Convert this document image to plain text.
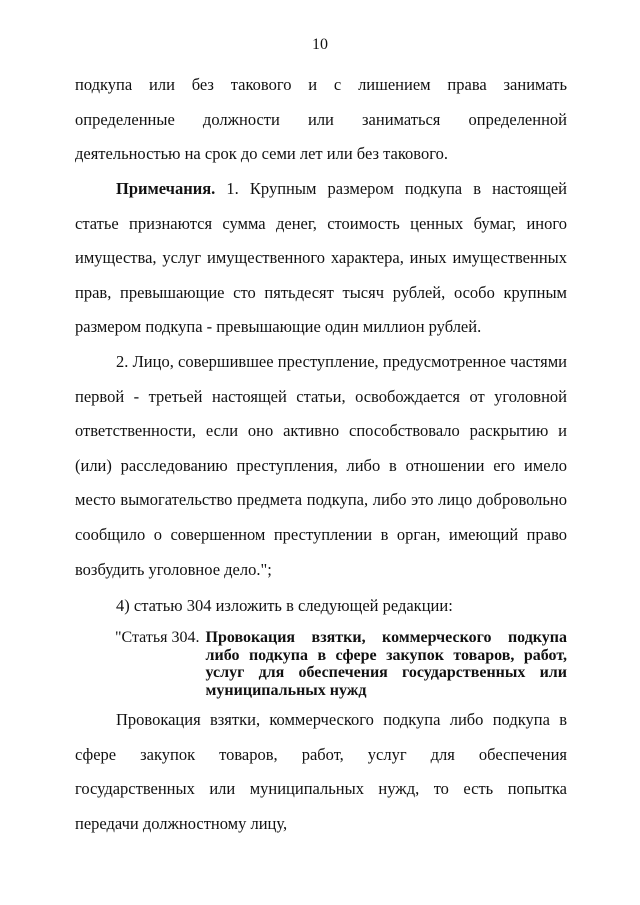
10

подкупа или без такового и с лишением права занимать определенные должности или заниматься определенной деятельностью на срок до семи лет или без такового.

Примечания. 1. Крупным размером подкупа в настоящей статье признаются сумма денег, стоимость ценных бумаг, иного имущества, услуг имущественного характера, иных имущественных прав, превышающие сто пятьдесят тысяч рублей, особо крупным размером подкупа - превышающие один миллион рублей.

2. Лицо, совершившее преступление, предусмотренное частями первой - третьей настоящей статьи, освобождается от уголовной ответственности, если оно активно способствовало раскрытию и (или) расследованию преступления, либо в отношении его имело место вымогательство предмета подкупа, либо это лицо добровольно сообщило о совершенном преступлении в орган, имеющий право возбудить уголовное дело.";

4) статью 304 изложить в следующей редакции:

"Статья 304. Провокация взятки, коммерческого подкупа либо подкупа в сфере закупок товаров, работ, услуг для обеспечения государственных или муниципальных нужд

Провокация взятки, коммерческого подкупа либо подкупа в сфере закупок товаров, работ, услуг для обеспечения государственных или муниципальных нужд, то есть попытка передачи должностному лицу,
